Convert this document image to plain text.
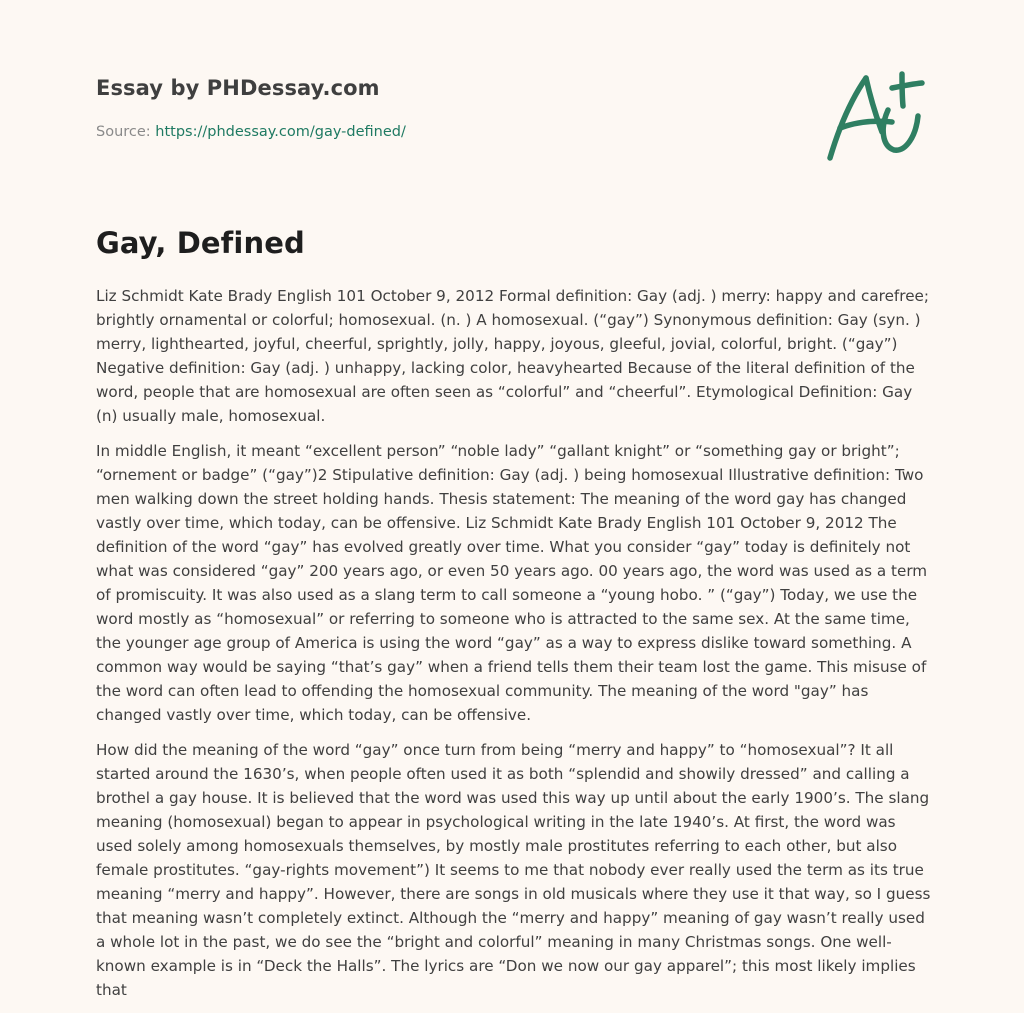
Essay by PHDessay.com
Source: https://phdessay.com/gay-defined/
Gay, Defined

Liz Schmidt Kate Brady English 101 October 9, 2012 Formal definition: Gay (adj. ) merry: happy and carefree; brightly ornamental or colorful; homosexual. (n. ) A homosexual. (“gay”) Synonymous definition: Gay (syn. ) merry, lighthearted, joyful, cheerful, sprightly, jolly, happy, joyous, gleeful, jovial, colorful, bright. (“gay”) Negative definition: Gay (adj. ) unhappy, lacking color, heavyhearted Because of the literal definition of the word, people that are homosexual are often seen as “colorful” and “cheerful”. Etymological Definition: Gay (n) usually male, homosexual.

In middle English, it meant “excellent person” “noble lady” “gallant knight” or “something gay or bright”; “ornement or badge” (“gay”)2 Stipulative definition: Gay (adj. ) being homosexual Illustrative definition: Two men walking down the street holding hands. Thesis statement: The meaning of the word gay has changed vastly over time, which today, can be offensive. Liz Schmidt Kate Brady English 101 October 9, 2012 The definition of the word “gay” has evolved greatly over time. What you consider “gay” today is definitely not what was considered “gay” 200 years ago, or even 50 years ago. 00 years ago, the word was used as a term of promiscuity. It was also used as a slang term to call someone a “young hobo. ” (“gay”) Today, we use the word mostly as “homosexual” or referring to someone who is attracted to the same sex. At the same time, the younger age group of America is using the word “gay” as a way to express dislike toward something. A common way would be saying “that’s gay” when a friend tells them their team lost the game. This misuse of the word can often lead to offending the homosexual community. The meaning of the word "gay” has changed vastly over time, which today, can be offensive.

How did the meaning of the word “gay” once turn from being “merry and happy” to “homosexual”? It all started around the 1630’s, when people often used it as both “splendid and showily dressed” and calling a brothel a gay house. It is believed that the word was used this way up until about the early 1900’s. The slang meaning (homosexual) began to appear in psychological writing in the late 1940’s. At first, the word was used solely among homosexuals themselves, by mostly male prostitutes referring to each other, but also female prostitutes. “gay-rights movement”) It seems to me that nobody ever really used the term as its true meaning “merry and happy”. However, there are songs in old musicals where they use it that way, so I guess that meaning wasn’t completely extinct. Although the “merry and happy” meaning of gay wasn’t really used a whole lot in the past, we do see the “bright and colorful” meaning in many Christmas songs. One well-known example is in “Deck the Halls”. The lyrics are “Don we now our gay apparel”; this most likely implies that
